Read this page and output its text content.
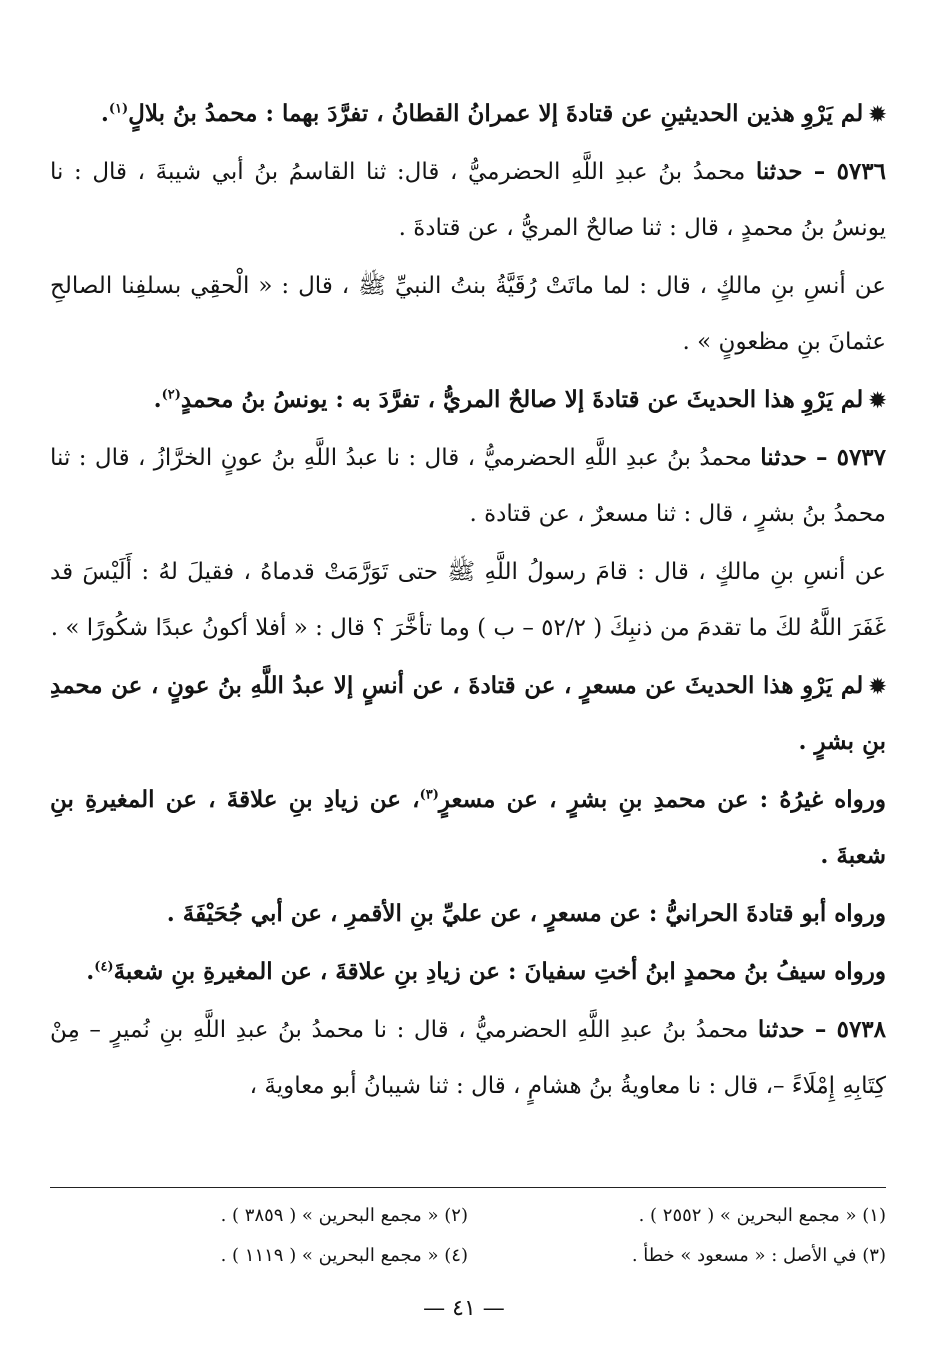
✹لم يَرْوِ هذين الحديثينِ عن قتادةَ إلا عمرانُ القطانُ ، تفرَّدَ بهما : محمدُ بنُ بلالٍ$^{(١)}$.

٥٧٣٦ – حدثنا محمدُ بنُ عبدِ اللَّهِ الحضرميُّ ، قال: ثنا القاسمُ بنُ أبي شيبةَ ، قال : نا يونسُ بنُ محمدٍ ، قال : ثنا صالحٌ المريُّ ، عن قتادةَ .

عن أنسِ بنِ مالكٍ ، قال : لما ماتَتْ رُقَيَّةُ بنتُ النبيِّ ﷺ ، قال : « الْحقِي بسلفِنا الصالحِ عثمانَ بنِ مظعونٍ » .

✹لم يَرْوِ هذا الحديثَ عن قتادةَ إلا صالحٌ المريُّ ، تفرَّدَ به : يونسُ بنُ محمدٍ$^{(٢)}$.

٥٧٣٧ – حدثنا محمدُ بنُ عبدِ اللَّهِ الحضرميُّ ، قال : نا عبدُ اللَّهِ بنُ عونٍ الخرَّازُ ، قال : ثنا محمدُ بنُ بشرٍ ، قال : ثنا مسعرٌ ، عن قتادة .

عن أنسِ بنِ مالكٍ ، قال : قامَ رسولُ اللَّهِ ﷺ حتى تَوَرَّمَتْ قدماهُ ، فقيلَ لهُ : أَلَيْسَ قد غَفَرَ اللَّهُ لكَ ما تقدمَ من ذنبِكَ ( ٥٢/٢ – ب ) وما تأخَّرَ ؟ قال : « أفلا أكونُ عبدًا شكُورًا » .

✹لم يَرْوِ هذا الحديثَ عن مسعرٍ ، عن قتادةَ ، عن أنسٍ إلا عبدُ اللَّهِ بنُ عونٍ ، عن محمدِ بنِ بشرٍ .

ورواه غيرُهُ : عن محمدِ بنِ بشرٍ ، عن مسعرٍ$^{(٣)}$، عن زيادِ بنِ علاقةَ ، عن المغيرةِ بنِ شعبةَ .

ورواه أبو قتادةَ الحرانيُّ : عن مسعرٍ ، عن عليِّ بنِ الأقمرِ ، عن أبي جُحَيْفَةَ .

ورواه سيفُ بنُ محمدٍ ابنُ أختِ سفيانَ : عن زيادِ بنِ علاقةَ ، عن المغيرةِ بنِ شعبةَ$^{(٤)}$.

٥٧٣٨ – حدثنا محمدُ بنُ عبدِ اللَّهِ الحضرميُّ ، قال : نا محمدُ بنُ عبدِ اللَّهِ بنِ نُميرٍ – مِنْ كِتَابِهِ إِمْلَاءً –، قال : نا معاويةُ بنُ هشامٍ ، قال : ثنا شيبانُ أبو معاويةَ ،

(١) « مجمع البحرين » ( ٢٥٥٢ ) .
(٢) « مجمع البحرين » ( ٣٨٥٩ ) .
(٣) في الأصل : « مسعود » خطأ .
(٤) « مجمع البحرين » ( ١١١٩ ) .
— ٤١ —
